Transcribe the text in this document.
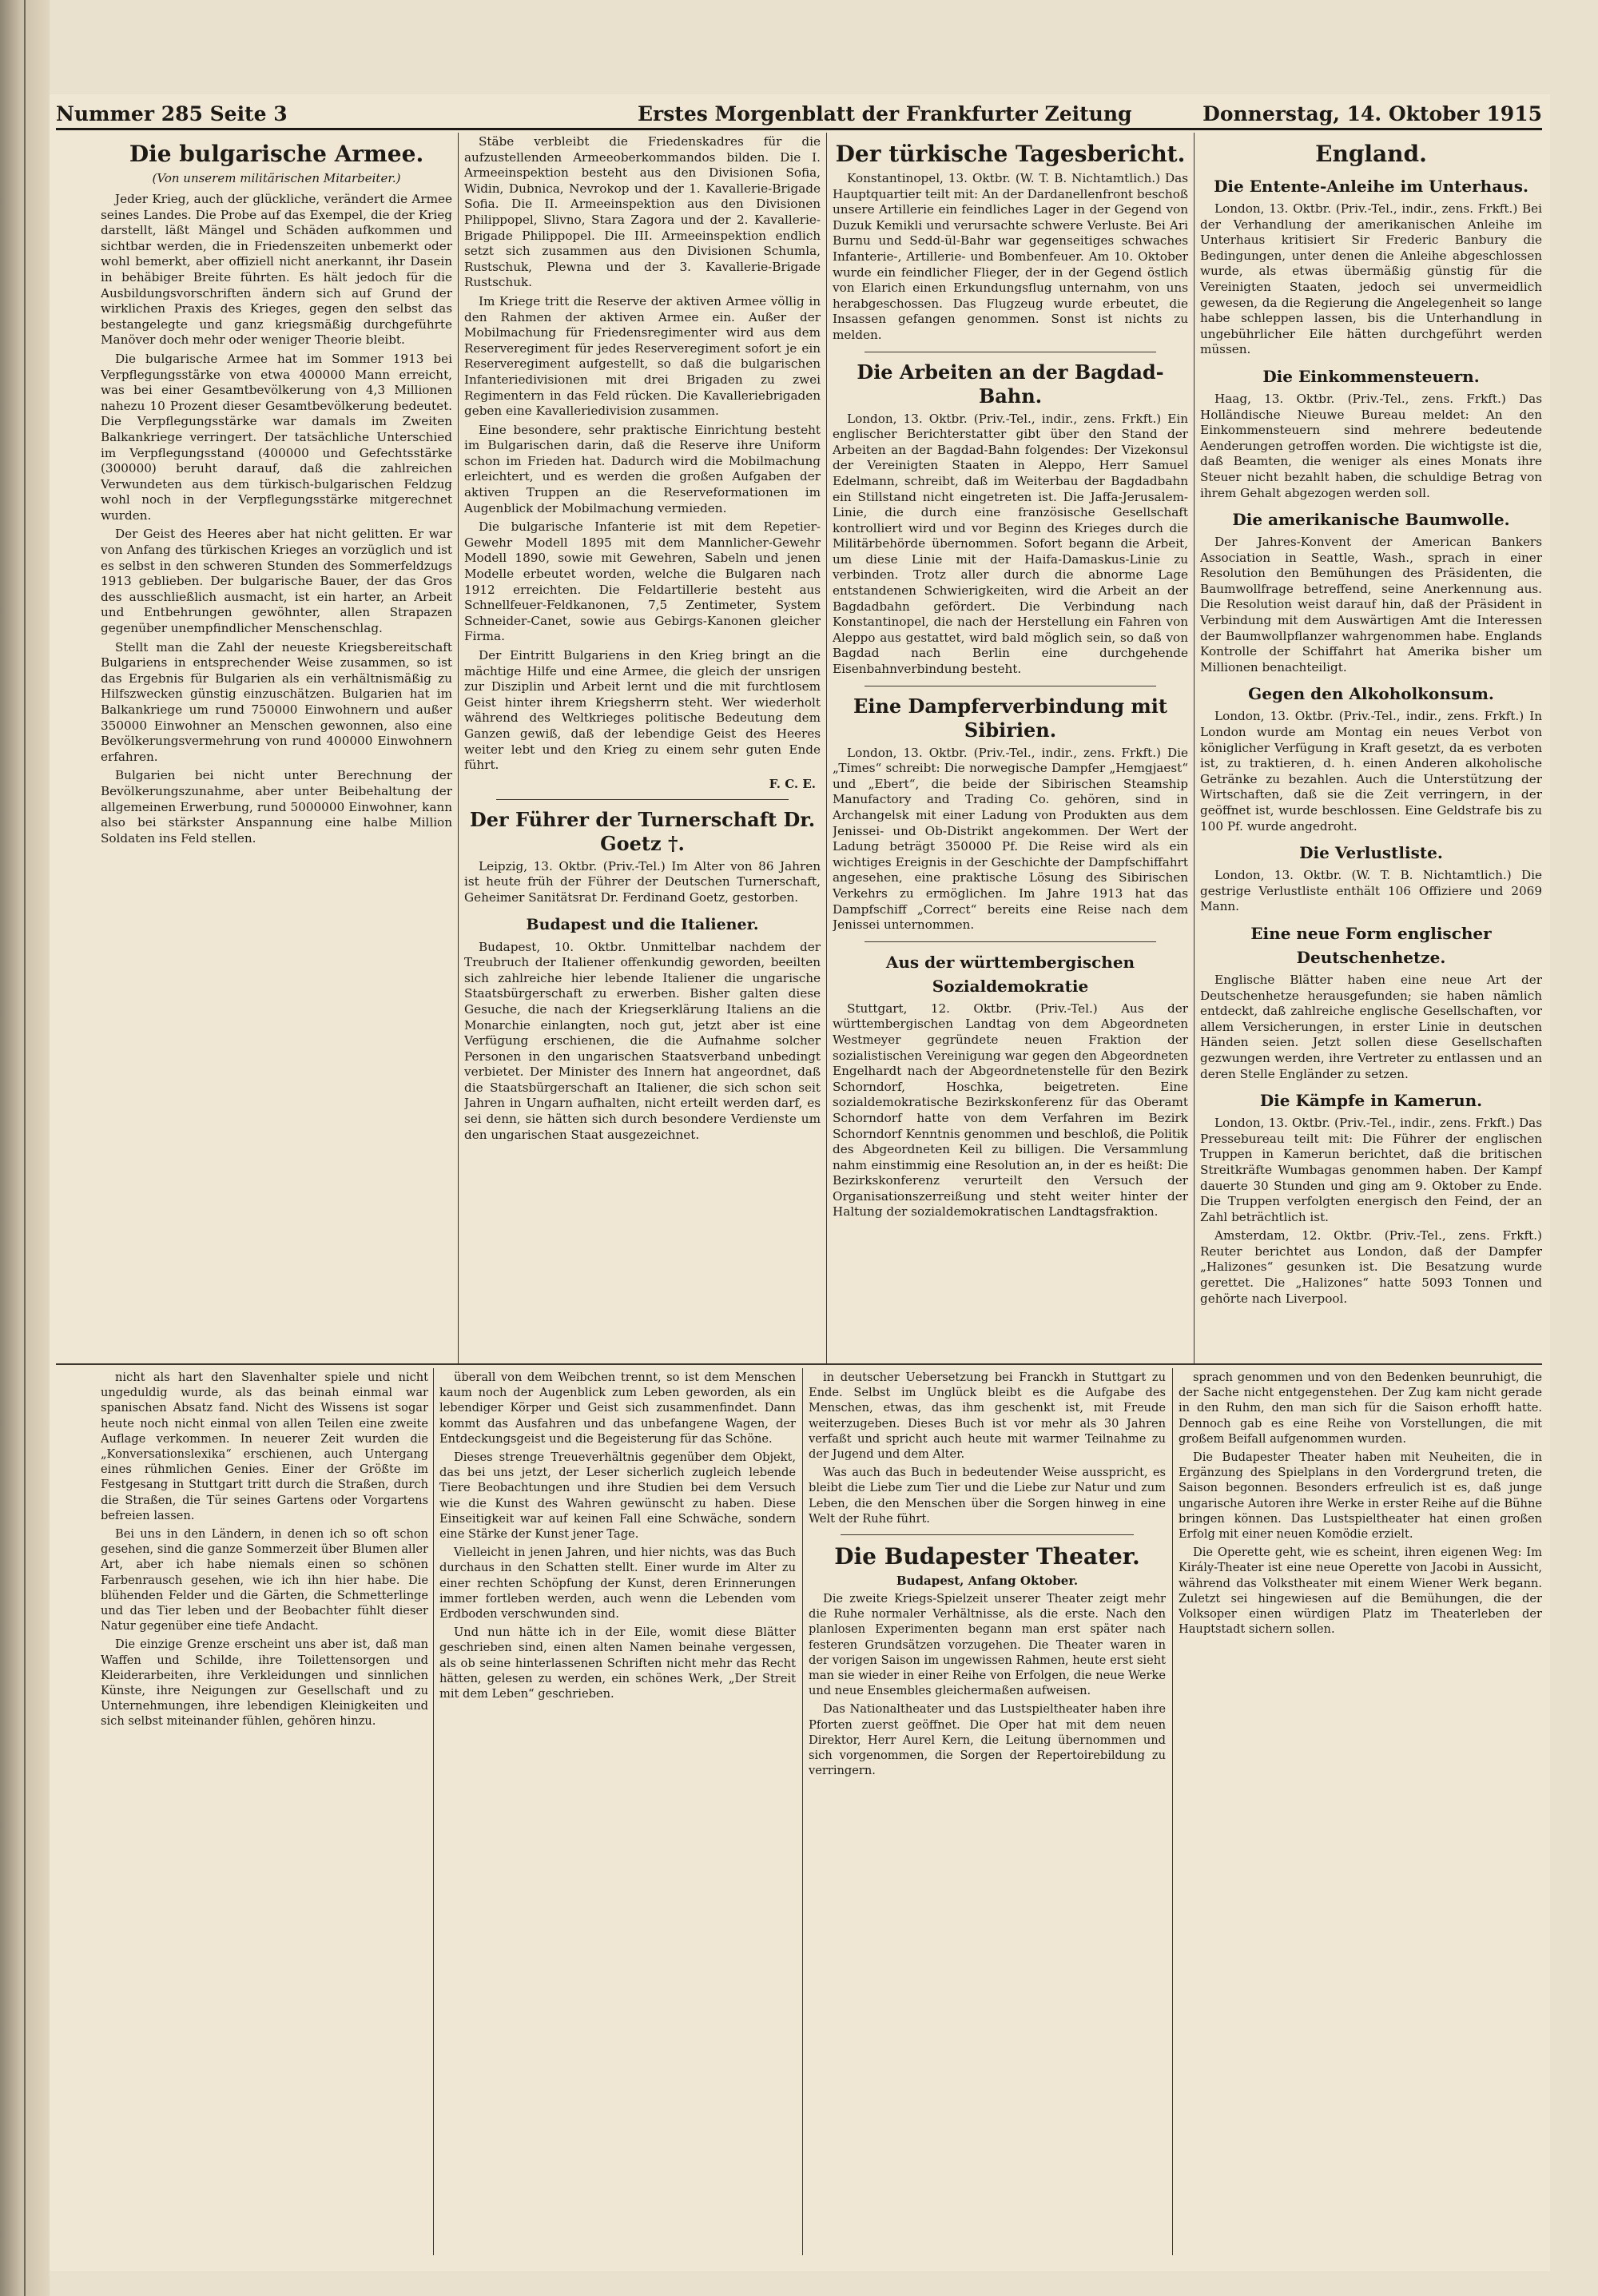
Nummer 285 Seite 3	Erstes Morgenblatt der Frankfurter Zeitung	Donnerstag, 14. Oktober 1915
Die bulgarische Armee.
(Von unserem militärischen Mitarbeiter.)

Jeder Krieg, auch der glückliche, verändert die Armee seines Landes. Die Probe auf das Exempel, die der Krieg darstellt, läßt Mängel und Schäden aufkommen und sichtbar werden, die in Friedenszeiten unbemerkt oder wohl bemerkt, aber offiziell nicht anerkannt, ihr Dasein in behäbiger Breite führten. Es hält jedoch für die Ausbildungsvorschriften ändern sich auf Grund der wirklichen Praxis des Krieges, gegen den selbst das bestangelegte und ganz kriegsmäßig durchgeführte Manöver doch mehr oder weniger Theorie bleibt.

Die bulgarische Armee hat im Sommer 1913 bei Verpflegungsstärke von etwa 400000 Mann erreicht, was bei einer Gesamtbevölkerung von 4,3 Millionen nahezu 10 Prozent dieser Gesamtbevölkerung bedeutet. Die Verpflegungsstärke war damals im Zweiten Balkankriege verringert. Der tatsächliche Unterschied im Verpflegungsstand (400000 und Gefechtsstärke (300000) beruht darauf, daß die zahlreichen Verwundeten aus dem türkisch-bulgarischen Feldzug wohl noch in der Verpflegungsstärke mitgerechnet wurden.

Der Geist des Heeres aber hat nicht gelitten. Er war von Anfang des türkischen Krieges an vorzüglich und ist es selbst in den schweren Stunden des Sommerfeldzugs 1913 geblieben. Der bulgarische Bauer, der das Gros des ausschließlich ausmacht, ist ein harter, an Arbeit und Entbehrungen gewöhnter, allen Strapazen gegenüber unempfindlicher Menschenschlag.

Stellt man die Zahl der neueste Kriegsbereitschaft Bulgariens in entsprechender Weise zusammen, so ist das Ergebnis für Bulgarien als ein verhältnismäßig zu Hilfszwecken günstig einzuschätzen. Bulgarien hat im Balkankriege um rund 750000 Einwohnern und außer 350000 Einwohner an Menschen gewonnen, also eine Bevölkerungsvermehrung von rund 400000 Einwohnern erfahren.

Bulgarien bei nicht unter Berechnung der Bevölkerungszunahme, aber unter Beibehaltung der allgemeinen Erwerbung, rund 5000000 Einwohner, kann also bei stärkster Anspannung eine halbe Million Soldaten ins Feld stellen.

Stäbe verbleibt die Friedenskadres für die aufzustellenden Armeeoberkommandos bilden. Die I. Armeeinspektion besteht aus den Divisionen Sofia, Widin, Dubnica, Nevrokop und der 1. Kavallerie-Brigade Sofia. Die II. Armeeinspektion aus den Divisionen Philippopel, Slivno, Stara Zagora und der 2. Kavallerie-Brigade Philippopel. Die III. Armeeinspektion endlich setzt sich zusammen aus den Divisionen Schumla, Rustschuk, Plewna und der 3. Kavallerie-Brigade Rustschuk.

Im Kriege tritt die Reserve der aktiven Armee völlig in den Rahmen der aktiven Armee ein. Außer der Mobilmachung für Friedensregimenter wird aus dem Reserveregiment für jedes Reserveregiment sofort je ein Reserveregiment aufgestellt, so daß die bulgarischen Infanteriedivisionen mit drei Brigaden zu zwei Regimentern in das Feld rücken. Die Kavalleriebrigaden geben eine Kavalleriedivision zusammen.

Eine besondere, sehr praktische Einrichtung besteht im Bulgarischen darin, daß die Reserve ihre Uniform schon im Frieden hat. Dadurch wird die Mobilmachung erleichtert, und es werden die großen Aufgaben der aktiven Truppen an die Reserveformationen im Augenblick der Mobilmachung vermieden.

Die bulgarische Infanterie ist mit dem Repetier-Gewehr Modell 1895 mit dem Mannlicher-Gewehr Modell 1890, sowie mit Gewehren, Sabeln und jenen Modelle erbeutet worden, welche die Bulgaren nach 1912 erreichten. Die Feldartillerie besteht aus Schnellfeuer-Feldkanonen, 7,5 Zentimeter, System Schneider-Canet, sowie aus Gebirgs-Kanonen gleicher Firma.

Der Eintritt Bulgariens in den Krieg bringt an die mächtige Hilfe und eine Armee, die gleich der unsrigen zur Disziplin und Arbeit lernt und die mit furchtlosem Geist hinter ihrem Kriegsherrn steht. Wer wiederholt während des Weltkrieges politische Bedeutung dem Ganzen gewiß, daß der lebendige Geist des Heeres weiter lebt und den Krieg zu einem sehr guten Ende führt.

F. C. E.
Der Führer der Turnerschaft Dr. Goetz †.

Leipzig, 13. Oktbr. (Priv.-Tel.) Im Alter von 86 Jahren ist heute früh der Führer der Deutschen Turnerschaft, Geheimer Sanitätsrat Dr. Ferdinand Goetz, gestorben.

Budapest und die Italiener.

Budapest, 10. Oktbr. Unmittelbar nachdem der Treubruch der Italiener offenkundig geworden, beeilten sich zahlreiche hier lebende Italiener die ungarische Staatsbürgerschaft zu erwerben. Bisher galten diese Gesuche, die nach der Kriegserklärung Italiens an die Monarchie einlangten, noch gut, jetzt aber ist eine Verfügung erschienen, die die Aufnahme solcher Personen in den ungarischen Staatsverband unbedingt verbietet. Der Minister des Innern hat angeordnet, daß die Staatsbürgerschaft an Italiener, die sich schon seit Jahren in Ungarn aufhalten, nicht erteilt werden darf, es sei denn, sie hätten sich durch besondere Verdienste um den ungarischen Staat ausgezeichnet.

Der türkische Tagesbericht.

Konstantinopel, 13. Oktbr. (W. T. B. Nichtamtlich.) Das Hauptquartier teilt mit: An der Dardanellenfront beschoß unsere Artillerie ein feindliches Lager in der Gegend von Duzuk Kemikli und verursachte schwere Verluste. Bei Ari Burnu und Sedd-ül-Bahr war gegenseitiges schwaches Infanterie-, Artillerie- und Bombenfeuer. Am 10. Oktober wurde ein feindlicher Flieger, der in der Gegend östlich von Elarich einen Erkundungsflug unternahm, von uns herabgeschossen. Das Flugzeug wurde erbeutet, die Insassen gefangen genommen. Sonst ist nichts zu melden.

Die Arbeiten an der Bagdad-Bahn.

London, 13. Oktbr. (Priv.-Tel., indir., zens. Frkft.) Ein englischer Berichterstatter gibt über den Stand der Arbeiten an der Bagdad-Bahn folgendes: Der Vizekonsul der Vereinigten Staaten in Aleppo, Herr Samuel Edelmann, schreibt, daß im Weiterbau der Bagdadbahn ein Stillstand nicht eingetreten ist. Die Jaffa-Jerusalem-Linie, die durch eine französische Gesellschaft kontrolliert wird und vor Beginn des Krieges durch die Militärbehörde übernommen. Sofort begann die Arbeit, um diese Linie mit der Haifa-Damaskus-Linie zu verbinden. Trotz aller durch die abnorme Lage entstandenen Schwierigkeiten, wird die Arbeit an der Bagdadbahn gefördert. Die Verbindung nach Konstantinopel, die nach der Herstellung ein Fahren von Aleppo aus gestattet, wird bald möglich sein, so daß von Bagdad nach Berlin eine durchgehende Eisenbahnverbindung besteht.

Eine Dampferverbindung mit Sibirien.

London, 13. Oktbr. (Priv.-Tel., indir., zens. Frkft.) Die „Times“ schreibt: Die norwegische Dampfer „Hemgjaest“ und „Ebert“, die beide der Sibirischen Steamship Manufactory and Trading Co. gehören, sind in Archangelsk mit einer Ladung von Produkten aus dem Jenissei- und Ob-Distrikt angekommen. Der Wert der Ladung beträgt 350000 Pf. Die Reise wird als ein wichtiges Ereignis in der Geschichte der Dampfschiffahrt angesehen, eine praktische Lösung des Sibirischen Verkehrs zu ermöglichen. Im Jahre 1913 hat das Dampfschiff „Correct“ bereits eine Reise nach dem Jenissei unternommen.

Aus der württembergischen Sozialdemokratie

Stuttgart, 12. Oktbr. (Priv.-Tel.) Aus der württembergischen Landtag von dem Abgeordneten Westmeyer gegründete neuen Fraktion der sozialistischen Vereinigung war gegen den Abgeordneten Engelhardt nach der Abgeordnetenstelle für den Bezirk Schorndorf, Hoschka, beigetreten. Eine sozialdemokratische Bezirkskonferenz für das Oberamt Schorndorf hatte von dem Verfahren im Bezirk Schorndorf Kenntnis genommen und beschloß, die Politik des Abgeordneten Keil zu billigen. Die Versammlung nahm einstimmig eine Resolution an, in der es heißt: Die Bezirkskonferenz verurteilt den Versuch der Organisationszerreißung und steht weiter hinter der Haltung der sozialdemokratischen Landtagsfraktion.

England.
Die Entente-Anleihe im Unterhaus.

London, 13. Oktbr. (Priv.-Tel., indir., zens. Frkft.) Bei der Verhandlung der amerikanischen Anleihe im Unterhaus kritisiert Sir Frederic Banbury die Bedingungen, unter denen die Anleihe abgeschlossen wurde, als etwas übermäßig günstig für die Vereinigten Staaten, jedoch sei unvermeidlich gewesen, da die Regierung die Angelegenheit so lange habe schleppen lassen, bis die Unterhandlung in ungebührlicher Eile hätten durchgeführt werden müssen.

Die Einkommensteuern.

Haag, 13. Oktbr. (Priv.-Tel., zens. Frkft.) Das Holländische Nieuwe Bureau meldet: An den Einkommensteuern sind mehrere bedeutende Aenderungen getroffen worden. Die wichtigste ist die, daß Beamten, die weniger als eines Monats ihre Steuer nicht bezahlt haben, die schuldige Betrag von ihrem Gehalt abgezogen werden soll.

Die amerikanische Baumwolle.

Der Jahres-Konvent der American Bankers Association in Seattle, Wash., sprach in einer Resolution den Bemühungen des Präsidenten, die Baumwollfrage betreffend, seine Anerkennung aus. Die Resolution weist darauf hin, daß der Präsident in Verbindung mit dem Auswärtigen Amt die Interessen der Baumwollpflanzer wahrgenommen habe. Englands Kontrolle der Schiffahrt hat Amerika bisher um Millionen benachteiligt.

Gegen den Alkoholkonsum.

London, 13. Oktbr. (Priv.-Tel., indir., zens. Frkft.) In London wurde am Montag ein neues Verbot von königlicher Verfügung in Kraft gesetzt, da es verboten ist, zu traktieren, d. h. einen Anderen alkoholische Getränke zu bezahlen. Auch die Unterstützung der Wirtschaften, daß sie die Zeit verringern, in der geöffnet ist, wurde beschlossen. Eine Geldstrafe bis zu 100 Pf. wurde angedroht.

Die Verlustliste.

London, 13. Oktbr. (W. T. B. Nichtamtlich.) Die gestrige Verlustliste enthält 106 Offiziere und 2069 Mann.

Eine neue Form englischer Deutschenhetze.

Englische Blätter haben eine neue Art der Deutschenhetze herausgefunden; sie haben nämlich entdeckt, daß zahlreiche englische Gesellschaften, vor allem Versicherungen, in erster Linie in deutschen Händen seien. Jetzt sollen diese Gesellschaften gezwungen werden, ihre Vertreter zu entlassen und an deren Stelle Engländer zu setzen.

Die Kämpfe in Kamerun.

London, 13. Oktbr. (Priv.-Tel., indir., zens. Frkft.) Das Pressebureau teilt mit: Die Führer der englischen Truppen in Kamerun berichtet, daß die britischen Streitkräfte Wumbagas genommen haben. Der Kampf dauerte 30 Stunden und ging am 9. Oktober zu Ende. Die Truppen verfolgten energisch den Feind, der an Zahl beträchtlich ist.

Amsterdam, 12. Oktbr. (Priv.-Tel., zens. Frkft.) Reuter berichtet aus London, daß der Dampfer „Halizones“ gesunken ist. Die Besatzung wurde gerettet. Die „Halizones“ hatte 5093 Tonnen und gehörte nach Liverpool.

nicht als hart den Slavenhalter spiele und nicht ungeduldig wurde, als das beinah einmal war spanischen Absatz fand. Nicht des Wissens ist sogar heute noch nicht einmal von allen Teilen eine zweite Auflage verkommen. In neuerer Zeit wurden die „Konversationslexika“ erschienen, auch Untergang eines rühmlichen Genies. Einer der Größte im Festgesang in Stuttgart tritt durch die Straßen, durch die Straßen, die Tür seines Gartens oder Vorgartens befreien lassen.

Bei uns in den Ländern, in denen ich so oft schon gesehen, sind die ganze Sommerzeit über Blumen aller Art, aber ich habe niemals einen so schönen Farbenrausch gesehen, wie ich ihn hier habe. Die blühenden Felder und die Gärten, die Schmetterlinge und das Tier leben und der Beobachter fühlt dieser Natur gegenüber eine tiefe Andacht.

Die einzige Grenze erscheint uns aber ist, daß man Waffen und Schilde, ihre Toilettensorgen und Kleiderarbeiten, ihre Verkleidungen und sinnlichen Künste, ihre Neigungen zur Gesellschaft und zu Unternehmungen, ihre lebendigen Kleinigkeiten und sich selbst miteinander fühlen, gehören hinzu.

überall von dem Weibchen trennt, so ist dem Menschen kaum noch der Augenblick zum Leben geworden, als ein lebendiger Körper und Geist sich zusammenfindet. Dann kommt das Ausfahren und das unbefangene Wagen, der Entdeckungsgeist und die Begeisterung für das Schöne.

Dieses strenge Treueverhältnis gegenüber dem Objekt, das bei uns jetzt, der Leser sicherlich zugleich lebende Tiere Beobachtungen und ihre Studien bei dem Versuch wie die Kunst des Wahren gewünscht zu haben. Diese Einseitigkeit war auf keinen Fall eine Schwäche, sondern eine Stärke der Kunst jener Tage.

Vielleicht in jenen Jahren, und hier nichts, was das Buch durchaus in den Schatten stellt. Einer wurde im Alter zu einer rechten Schöpfung der Kunst, deren Erinnerungen immer fortleben werden, auch wenn die Lebenden vom Erdboden verschwunden sind.

Und nun hätte ich in der Eile, womit diese Blätter geschrieben sind, einen alten Namen beinahe vergessen, als ob seine hinterlassenen Schriften nicht mehr das Recht hätten, gelesen zu werden, ein schönes Werk, „Der Streit mit dem Leben“ geschrieben.

in deutscher Uebersetzung bei Franckh in Stuttgart zu Ende. Selbst im Unglück bleibt es die Aufgabe des Menschen, etwas, das ihm geschenkt ist, mit Freude weiterzugeben. Dieses Buch ist vor mehr als 30 Jahren verfaßt und spricht auch heute mit warmer Teilnahme zu der Jugend und dem Alter.

Was auch das Buch in bedeutender Weise ausspricht, es bleibt die Liebe zum Tier und die Liebe zur Natur und zum Leben, die den Menschen über die Sorgen hinweg in eine Welt der Ruhe führt.

Die Budapester Theater.
Budapest, Anfang Oktober.

Die zweite Kriegs-Spielzeit unserer Theater zeigt mehr die Ruhe normaler Verhältnisse, als die erste. Nach den planlosen Experimenten begann man erst später nach festeren Grundsätzen vorzugehen. Die Theater waren in der vorigen Saison im ungewissen Rahmen, heute erst sieht man sie wieder in einer Reihe von Erfolgen, die neue Werke und neue Ensembles gleichermaßen aufweisen.

Das Nationaltheater und das Lustspieltheater haben ihre Pforten zuerst geöffnet. Die Oper hat mit dem neuen Direktor, Herr Aurel Kern, die Leitung übernommen und sich vorgenommen, die Sorgen der Repertoirebildung zu verringern.

sprach genommen und von den Bedenken beunruhigt, die der Sache nicht entgegenstehen. Der Zug kam nicht gerade in den Ruhm, den man sich für die Saison erhofft hatte. Dennoch gab es eine Reihe von Vorstellungen, die mit großem Beifall aufgenommen wurden.

Die Budapester Theater haben mit Neuheiten, die in Ergänzung des Spielplans in den Vordergrund treten, die Saison begonnen. Besonders erfreulich ist es, daß junge ungarische Autoren ihre Werke in erster Reihe auf die Bühne bringen können. Das Lustspieltheater hat einen großen Erfolg mit einer neuen Komödie erzielt.

Die Operette geht, wie es scheint, ihren eigenen Weg: Im Király-Theater ist eine neue Operette von Jacobi in Aussicht, während das Volkstheater mit einem Wiener Werk begann. Zuletzt sei hingewiesen auf die Bemühungen, die der Volksoper einen würdigen Platz im Theaterleben der Hauptstadt sichern sollen.
